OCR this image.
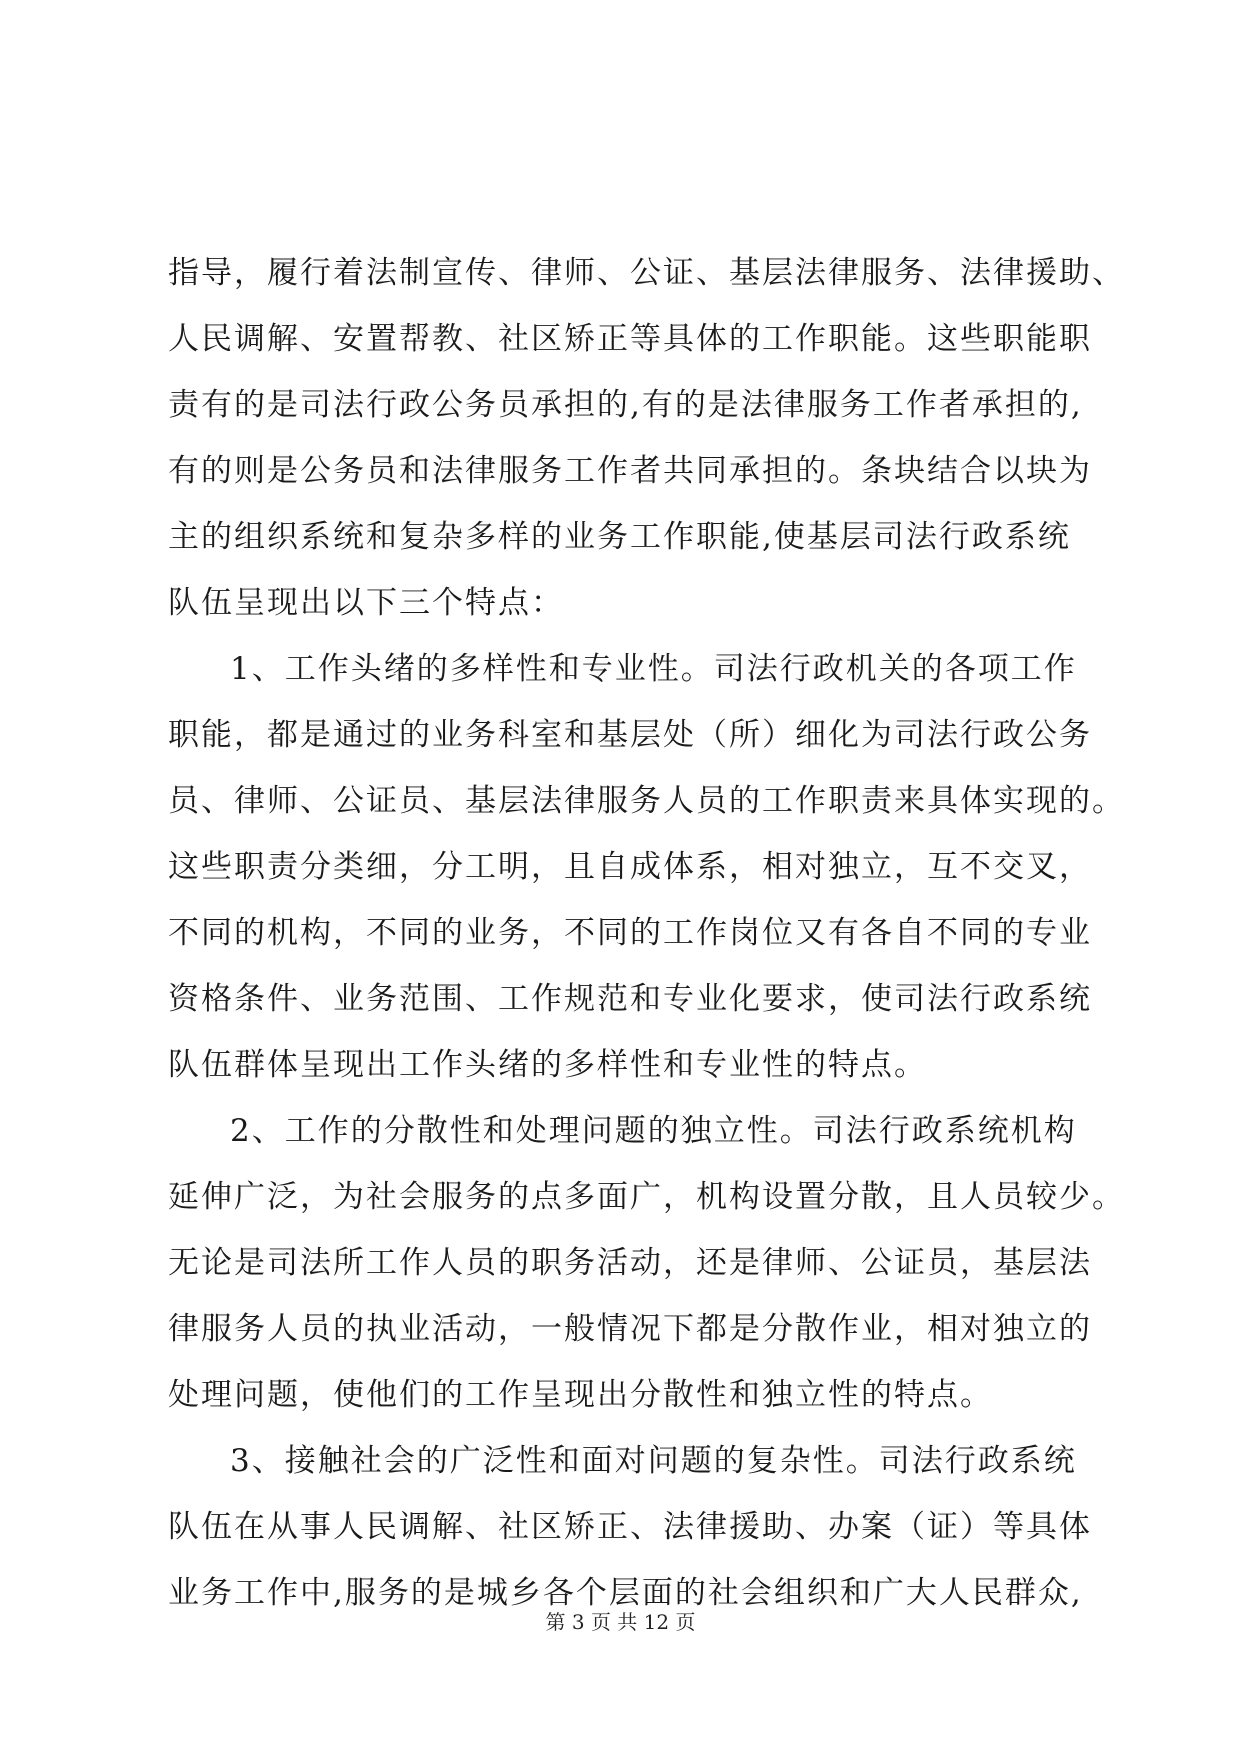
指导，履行着法制宣传、律师、公证、基层法律服务、法律援助、
人民调解、安置帮教、社区矫正等具体的工作职能。这些职能职
责有的是司法行政公务员承担的,有的是法律服务工作者承担的,
有的则是公务员和法律服务工作者共同承担的。条块结合以块为
主的组织系统和复杂多样的业务工作职能,使基层司法行政系统
队伍呈现出以下三个特点：
1、工作头绪的多样性和专业性。司法行政机关的各项工作
职能，都是通过的业务科室和基层处（所）细化为司法行政公务
员、律师、公证员、基层法律服务人员的工作职责来具体实现的。
这些职责分类细，分工明，且自成体系，相对独立，互不交叉，
不同的机构，不同的业务，不同的工作岗位又有各自不同的专业
资格条件、业务范围、工作规范和专业化要求，使司法行政系统
队伍群体呈现出工作头绪的多样性和专业性的特点。
2、工作的分散性和处理问题的独立性。司法行政系统机构
延伸广泛，为社会服务的点多面广，机构设置分散，且人员较少。
无论是司法所工作人员的职务活动，还是律师、公证员，基层法
律服务人员的执业活动，一般情况下都是分散作业，相对独立的
处理问题，使他们的工作呈现出分散性和独立性的特点。
3、接触社会的广泛性和面对问题的复杂性。司法行政系统
队伍在从事人民调解、社区矫正、法律援助、办案（证）等具体
业务工作中,服务的是城乡各个层面的社会组织和广大人民群众,
第 3 页 共 12 页
